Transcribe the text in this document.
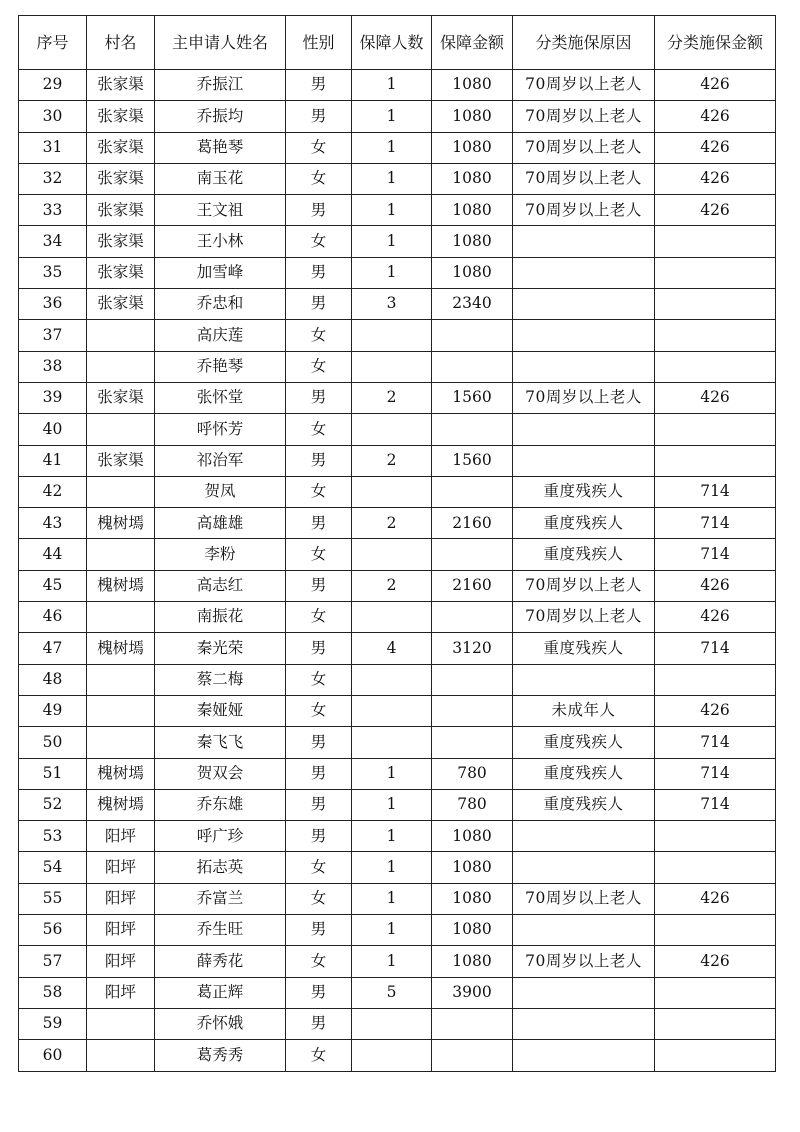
序号	村名	主申请人姓名	性别	保障人数	保障金额	分类施保原因	分类施保金额
29	张家渠	乔振江	男	1	1080	70周岁以上老人	426
30	张家渠	乔振均	男	1	1080	70周岁以上老人	426
31	张家渠	葛艳琴	女	1	1080	70周岁以上老人	426
32	张家渠	南玉花	女	1	1080	70周岁以上老人	426
33	张家渠	王文祖	男	1	1080	70周岁以上老人	426
34	张家渠	王小林	女	1	1080		
35	张家渠	加雪峰	男	1	1080		
36	张家渠	乔忠和	男	3	2340		
37		高庆莲	女				
38		乔艳琴	女				
39	张家渠	张怀堂	男	2	1560	70周岁以上老人	426
40		呼怀芳	女				
41	张家渠	祁治军	男	2	1560		
42		贺凤	女			重度残疾人	714
43	槐树墕	高雄雄	男	2	2160	重度残疾人	714
44		李粉	女			重度残疾人	714
45	槐树墕	高志红	男	2	2160	70周岁以上老人	426
46		南振花	女			70周岁以上老人	426
47	槐树墕	秦光荣	男	4	3120	重度残疾人	714
48		蔡二梅	女				
49		秦娅娅	女			未成年人	426
50		秦飞飞	男			重度残疾人	714
51	槐树墕	贺双会	男	1	780	重度残疾人	714
52	槐树墕	乔东雄	男	1	780	重度残疾人	714
53	阳坪	呼广珍	男	1	1080		
54	阳坪	拓志英	女	1	1080		
55	阳坪	乔富兰	女	1	1080	70周岁以上老人	426
56	阳坪	乔生旺	男	1	1080		
57	阳坪	薛秀花	女	1	1080	70周岁以上老人	426
58	阳坪	葛正辉	男	5	3900		
59		乔怀娥	男				
60		葛秀秀	女				
